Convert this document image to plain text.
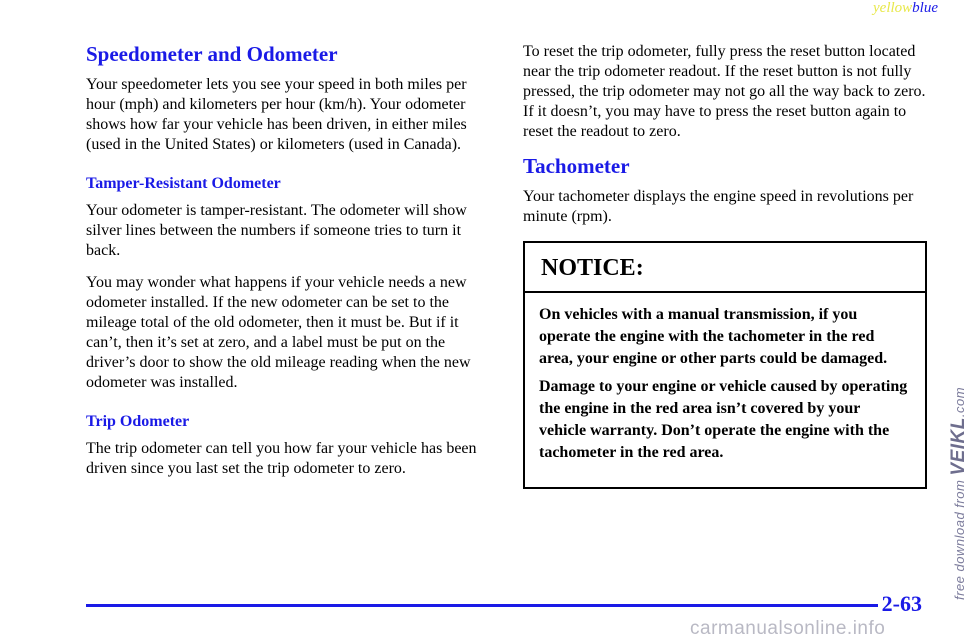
yellowblue
Speedometer and Odometer

Your speedometer lets you see your speed in both miles per hour (mph) and kilometers per hour (km/h). Your odometer shows how far your vehicle has been driven, in either miles (used in the United States) or kilometers (used in Canada).

Tamper-Resistant Odometer

Your odometer is tamper-resistant. The odometer will show silver lines between the numbers if someone tries to turn it back.

You may wonder what happens if your vehicle needs a new odometer installed. If the new odometer can be set to the mileage total of the old odometer, then it must be. But if it can’t, then it’s set at zero, and a label must be put on the driver’s door to show the old mileage reading when the new odometer was installed.

Trip Odometer

The trip odometer can tell you how far your vehicle has been driven since you last set the trip odometer to zero.

To reset the trip odometer, fully press the reset button located near the trip odometer readout. If the reset button is not fully pressed, the trip odometer may not go all the way back to zero. If it doesn’t, you may have to press the reset button again to reset the readout to zero.

Tachometer

Your tachometer displays the engine speed in revolutions per minute (rpm).

NOTICE:

On vehicles with a manual transmission, if you operate the engine with the tachometer in the red area, your engine or other parts could be damaged.

Damage to your engine or vehicle caused by operating the engine in the red area isn’t covered by your vehicle warranty. Don’t operate the engine with the tachometer in the red area.

2-63
free download from VEIKL.com
carmanualsonline.info
